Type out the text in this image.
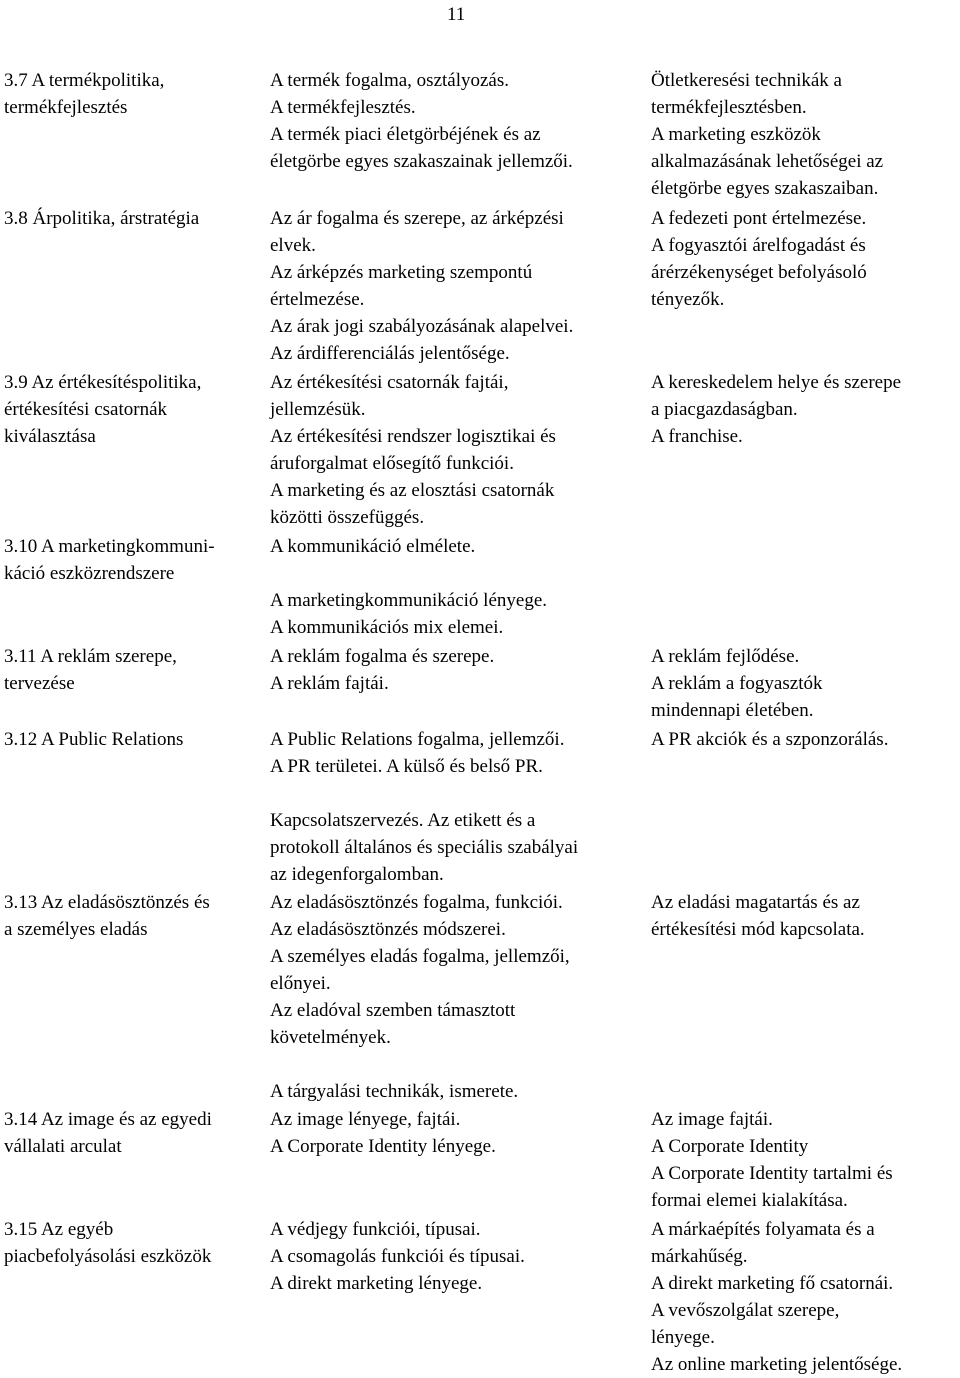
11
3.7 A termékpolitika,
termékfejlesztés
A termék fogalma, osztályozás.
A termékfejlesztés.
A termék piaci életgörbéjének és az
életgörbe egyes szakaszainak jellemzői.
Ötletkeresési technikák a
termékfejlesztésben.
A marketing eszközök
alkalmazásának lehetőségei az
életgörbe egyes szakaszaiban.
3.8 Árpolitika, árstratégia	Az ár fogalma és szerepe, az árképzési
elvek.
Az árképzés marketing szempontú
értelmezése.
Az árak jogi szabályozásának alapelvei.
Az árdifferenciálás jelentősége.
A fedezeti pont értelmezése.
A fogyasztói árelfogadást és
árérzékenységet befolyásoló
tényezők.
3.9 Az értékesítéspolitika,
értékesítési csatornák
kiválasztása
Az értékesítési csatornák fajtái,
jellemzésük.
Az értékesítési rendszer logisztikai és
áruforgalmat elősegítő funkciói.
A marketing és az elosztási csatornák
közötti összefüggés.
A kereskedelem helye és szerepe
a piacgazdaságban.
A franchise.
3.10 A marketingkommuni-
káció eszközrendszere
A kommunikáció elmélete.

A marketingkommunikáció lényege.
A kommunikációs mix elemei.
3.11 A reklám szerepe,
tervezése
A reklám fogalma és szerepe.
A reklám fajtái.
A reklám fejlődése.
A reklám a fogyasztók
mindennapi életében.
3.12 A Public Relations	A Public Relations fogalma, jellemzői.
A PR területei. A külső és belső PR.

Kapcsolatszervezés. Az etikett és a
protokoll általános és speciális szabályai
az idegenforgalomban.
A PR akciók és a szponzorálás.
3.13 Az eladásösztönzés és
a személyes eladás
Az eladásösztönzés fogalma, funkciói.
Az eladásösztönzés módszerei.
A személyes eladás fogalma, jellemzői,
előnyei.
Az eladóval szemben támasztott
követelmények.

A tárgyalási technikák, ismerete.
Az eladási magatartás és az
értékesítési mód kapcsolata.
3.14 Az image és az egyedi
vállalati arculat
Az image lényege, fajtái.
A Corporate Identity lényege.
Az image fajtái.
A Corporate Identity
A Corporate Identity tartalmi és
formai elemei kialakítása.
3.15 Az egyéb
piacbefolyásolási eszközök
A védjegy funkciói, típusai.
A csomagolás funkciói és típusai.
A direkt marketing lényege.
A márkaépítés folyamata és a
márkahűség.
A direkt marketing fő csatornái.
A vevőszolgálat szerepe,
lényege.
Az online marketing jelentősége.
